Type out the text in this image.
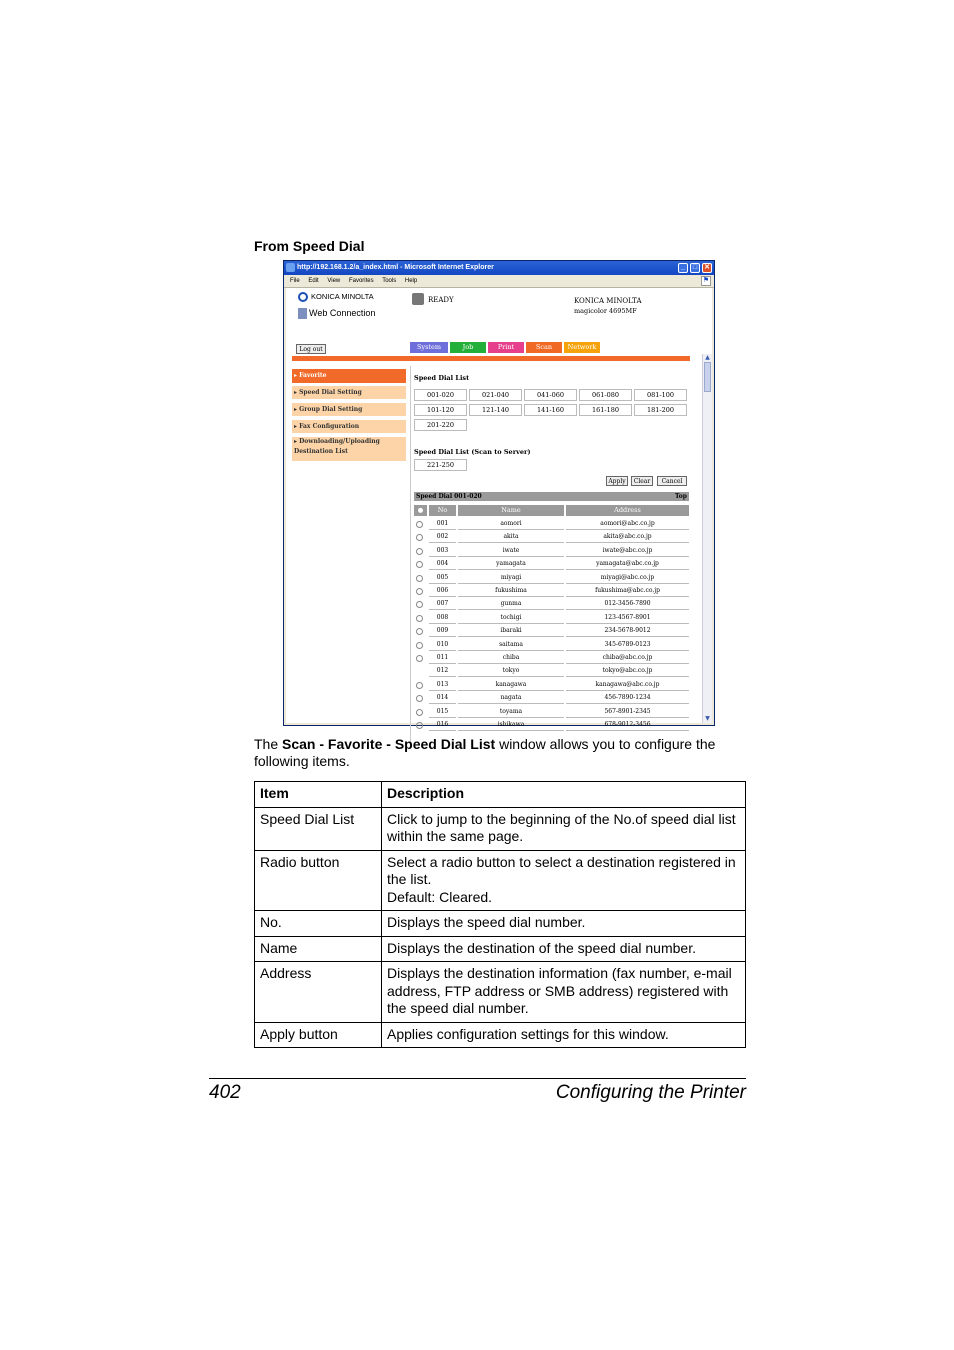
From Speed Dial
http://192.168.1.2/a_index.html - Microsoft Internet Explorer	_	□ ✕
File Edit View Favorites Tools Help	⚑
KONICA MINOLTA
Web Connection
READY	KONICA MINOLTA
magicolor 4695MF
Log out	System	Job	Print	Scan	Network
▸ Favorite
▸ Speed Dial Setting
▸ Group Dial Setting
▸ Fax Configuration
▸ Downloading/Uploading Destination List
Speed Dial List
001-020	021-040	041-060	061-080	081-100
101-120	121-140	141-160	161-180	181-200
201-220
Speed Dial List (Scan to Server)
221-250
Apply	Clear	Cancel
Speed Dial 001-020	Top
●	No	Name	Address
001	aomori	aomori@abc.co.jp
002	akita	akita@abc.co.jp
003	iwate	iwate@abc.co.jp
004	yamagata	yamagata@abc.co.jp
005	miyagi	miyagi@abc.co.jp
006	fukushima	fukushima@abc.co.jp
007	gunma	012-3456-7890
008	tochigi	123-4567-8901
009	ibaraki	234-5678-9012
010	saitama	345-6789-0123
011	chiba	chiba@abc.co.jp
012	tokyo	tokyo@abc.co.jp
013	kanagawa	kanagawa@abc.co.jp
014	nagata	456-7890-1234
015	toyama	567-8901-2345
016	ishikawa	678-9012-3456
▲
▼
The Scan - Favorite - Speed Dial List window allows you to configure the following items.
Item	Description
Speed Dial List	Click to jump to the beginning of the No.of speed dial list within the same page.

Radio button	Select a radio button to select a destination registered in the list.
Default: Cleared.

No.	Displays the speed dial number.

Name	Displays the destination of the speed dial number.

Address	Displays the destination information (fax number, e-mail address, FTP address or SMB address) registered with the speed dial number.

Apply button	Applies configuration settings for this window.
402	Configuring the Printer
